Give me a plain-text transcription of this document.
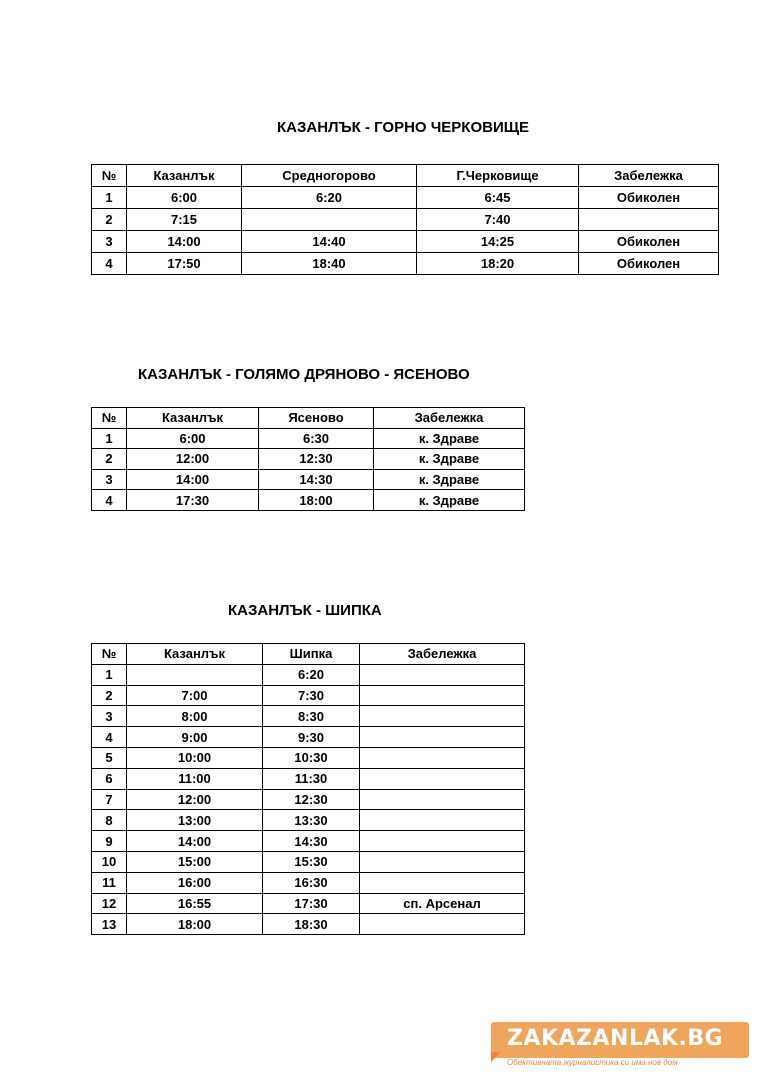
КАЗАНЛЪК - ГОРНО ЧЕРКОВИЩЕ
№	Казанлък	Средногорово	Г.Черковище	Забележка
1	6:00	6:20	6:45	Обиколен
2	7:15		7:40	
3	14:00	14:40	14:25	Обиколен
4	17:50	18:40	18:20	Обиколен
КАЗАНЛЪК - ГОЛЯМО ДРЯНОВО - ЯСЕНОВО
№	Казанлък	Ясеново	Забележка
1	6:00	6:30	к. Здраве
2	12:00	12:30	к. Здраве
3	14:00	14:30	к. Здраве
4	17:30	18:00	к. Здраве
КАЗАНЛЪК - ШИПКА
№	Казанлък	Шипка	Забележка
1		6:20	
2	7:00	7:30	
3	8:00	8:30	
4	9:00	9:30	
5	10:00	10:30	
6	11:00	11:30	
7	12:00	12:30	
8	13:00	13:30	
9	14:00	14:30	
10	15:00	15:30	
11	16:00	16:30	
12	16:55	17:30	сп. Арсенал
13	18:00	18:30	
ZAKAZANLAK.BG
Обективната журналистика си има нов дом
